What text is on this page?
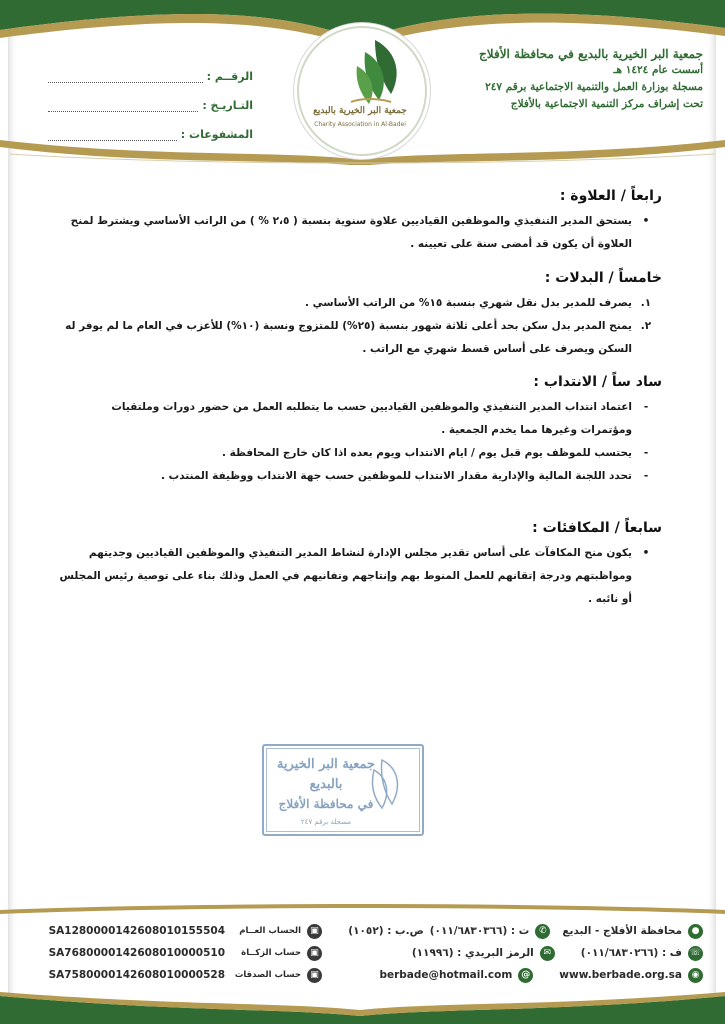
جمعية البر الخيرية بالبديع
Charity Association in Al-Badei
جمعية البر الخيرية بالبديع في محافظة الأفلاج
أسست عام ١٤٢٤ هـ
مسجلة بوزارة العمل والتنمية الاجتماعية برقم ٢٤٧
تحت إشراف مركز التنمية الاجتماعية بالأفلاج
الرقــم :
التـاريـخ :
المشفوعات :
رابعاً / العلاوة :
•
يستحق المدير التنفيذي والموظفين القياديين علاوة سنوية بنسبة ( ٢،٥ % ) من الراتب الأساسي ويشترط لمنح العلاوة أن يكون قد أمضى سنة على تعيينه .
خامساً / البدلات :
١.
يصرف للمدير بدل نقل شهري بنسبة ١٥% من الراتب الأساسي .
٢.
يمنح المدير بدل سكن بحد أعلى ثلاثة شهور بنسبة (٢٥%) للمتزوج ونسبة (١٠%) للأعزب في العام ما لم يوفر له السكن ويصرف على أساس قسط شهري مع الراتب .
ساد ساً / الانتداب :
-
اعتماد انتداب المدير التنفيذي والموظفين القياديين حسب ما يتطلبه العمل من حضور دورات وملتقيات ومؤتمرات وغيرها مما يخدم الجمعية .
-
يحتسب للموظف يوم قبل يوم / ايام الانتداب ويوم بعده اذا كان خارج المحافظة .
-
تحدد اللجنة المالية والإدارية مقدار الانتداب للموظفين حسب جهة الانتداب ووظيفة المنتدب .
سابعاً / المكافئات :
•
يكون منح المكافآت على أساس تقدير مجلس الإدارة لنشاط المدير التنفيذي والموظفين القياديين وجديتهم ومواظبتهم ودرجة إتقانهم للعمل المنوط بهم وإنتاجهم وتفانيهم في العمل وذلك بناء على توصية رئيس المجلس أو نائبه .
جمعية البر الخيرية
بالبديع
في محافظة الأفلاج
مسجلة برقم ٢٤٧
●
محافظة الأفلاج - البديع
✆
ت : (٠١١/٦٨٣٠٣٦٦)
ص.ب : (١٠٥٢)
☏
ف : (٠١١/٦٨٣٠٢٦٦)
✉
الرمز البريدي : (١١٩٩٦)
◉
www.berbade.org.sa
@
berbade@hotmail.com
▣
الحساب العــام
SA1280000142608010155504
▣
حساب الزكــاة
SA7680000142608010000510
▣
حساب الصدقات
SA7580000142608010000528
